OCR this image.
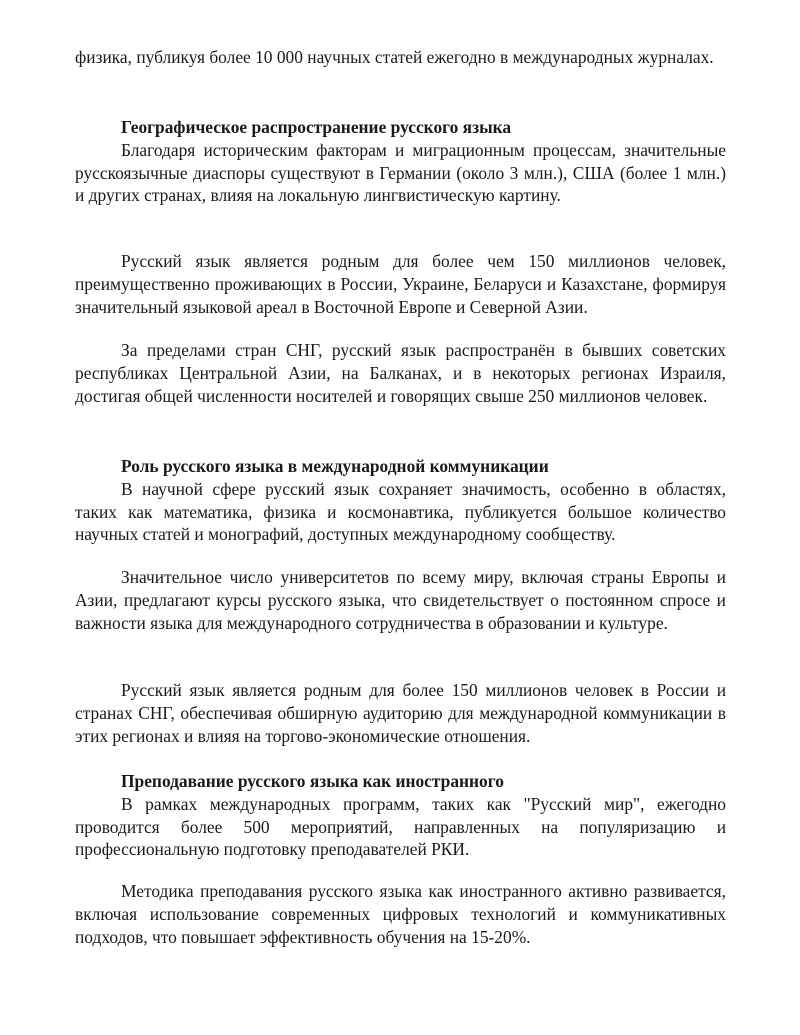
физика, публикуя более 10 000 научных статей ежегодно в международных журналах.

Географическое распространение русского языка

Благодаря историческим факторам и миграционным процессам, значительные русскоязычные диаспоры существуют в Германии (около 3 млн.), США (более 1 млн.) и других странах, влияя на локальную лингвистическую картину.

Русский язык является родным для более чем 150 миллионов человек, преимущественно проживающих в России, Украине, Беларуси и Казахстане, формируя значительный языковой ареал в Восточной Европе и Северной Азии.

За пределами стран СНГ, русский язык распространён в бывших советских республиках Центральной Азии, на Балканах, и в некоторых регионах Израиля, достигая общей численности носителей и говорящих свыше 250 миллионов человек.

Роль русского языка в международной коммуникации

В научной сфере русский язык сохраняет значимость, особенно в областях, таких как математика, физика и космонавтика, публикуется большое количество научных статей и монографий, доступных международному сообществу.

Значительное число университетов по всему миру, включая страны Европы и Азии, предлагают курсы русского языка, что свидетельствует о постоянном спросе и важности языка для международного сотрудничества в образовании и культуре.

Русский язык является родным для более 150 миллионов человек в России и странах СНГ, обеспечивая обширную аудиторию для международной коммуникации в этих регионах и влияя на торгово-экономические отношения.

Преподавание русского языка как иностранного

В рамках международных программ, таких как "Русский мир", ежегодно проводится более 500 мероприятий, направленных на популяризацию и профессиональную подготовку преподавателей РКИ.

Методика преподавания русского языка как иностранного активно развивается, включая использование современных цифровых технологий и коммуникативных подходов, что повышает эффективность обучения на 15-20%.
